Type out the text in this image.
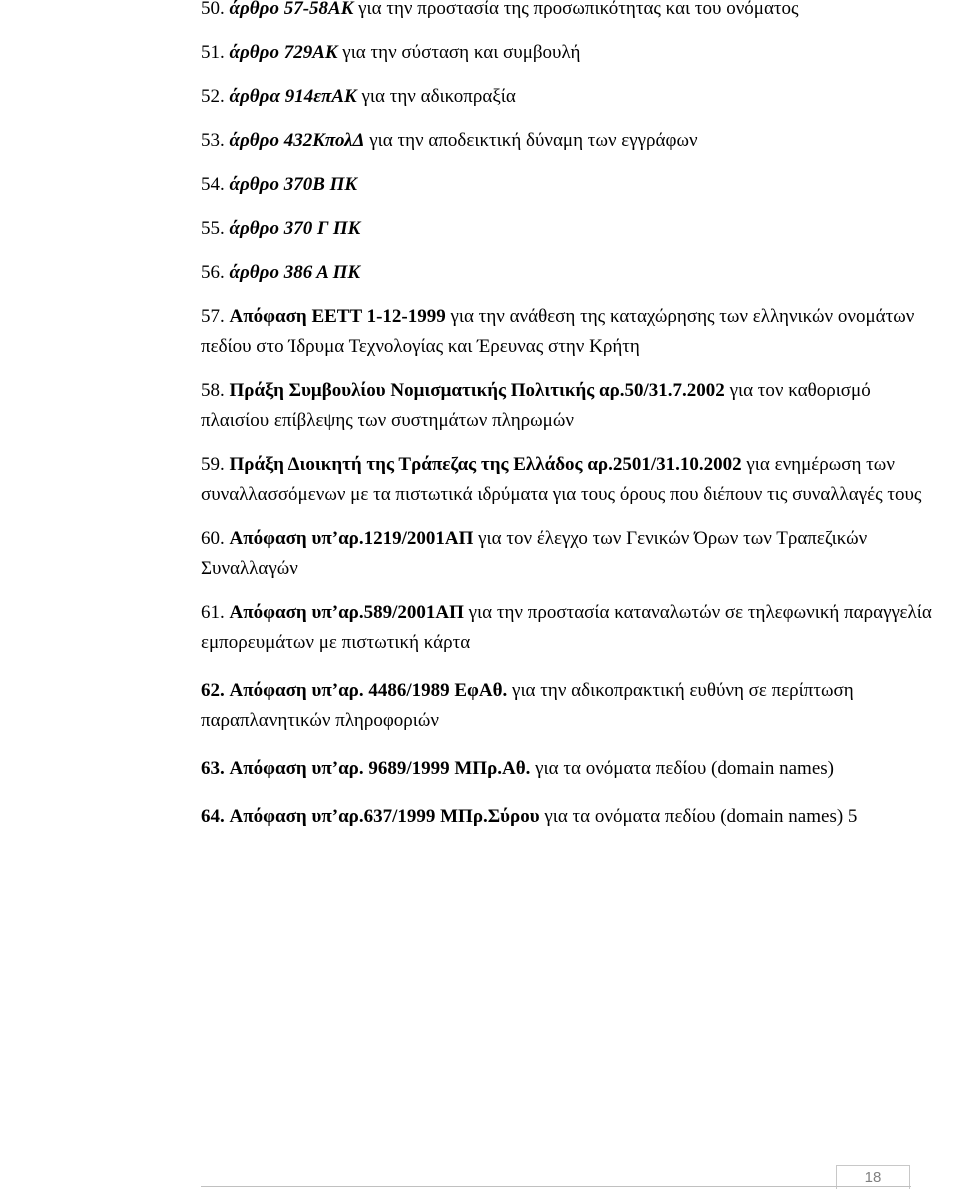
50. άρθρο 57-58ΑΚ για την προστασία της προσωπικότητας και του ονόματος
51. άρθρο 729ΑΚ για την σύσταση και συμβουλή
52. άρθρα 914επΑΚ για την αδικοπραξία
53. άρθρο 432ΚπολΔ για την αποδεικτική δύναμη των εγγράφων
54. άρθρο 370Β ΠΚ
55. άρθρο 370 Γ ΠΚ
56. άρθρο 386 Α ΠΚ
57. Απόφαση ΕΕΤΤ 1-12-1999 για την ανάθεση της καταχώρησης των ελληνικών ονομάτων πεδίου στο Ίδρυμα Τεχνολογίας και Έρευνας στην Κρήτη
58. Πράξη Συμβουλίου Νομισματικής Πολιτικής αρ.50/31.7.2002 για τον καθορισμό πλαισίου επίβλεψης των συστημάτων πληρωμών
59. Πράξη Διοικητή της Τράπεζας της Ελλάδος αρ.2501/31.10.2002 για ενημέρωση των συναλλασσόμενων με τα πιστωτικά ιδρύματα για τους όρους που διέπουν τις συναλλαγές τους
60. Απόφαση υπ’αρ.1219/2001ΑΠ για τον έλεγχο των Γενικών Όρων των Τραπεζικών Συναλλαγών
61. Απόφαση υπ’αρ.589/2001ΑΠ για την προστασία καταναλωτών σε τηλεφωνική παραγγελία εμπορευμάτων με πιστωτική κάρτα
62. Απόφαση υπ’αρ. 4486/1989 ΕφΑθ. για την αδικοπρακτική ευθύνη σε περίπτωση παραπλανητικών πληροφοριών
63. Απόφαση υπ’αρ. 9689/1999 ΜΠρ.Αθ. για τα ονόματα πεδίου (domain names)
64. Απόφαση υπ’αρ.637/1999 ΜΠρ.Σύρου για τα ονόματα πεδίου (domain names) 5
18
